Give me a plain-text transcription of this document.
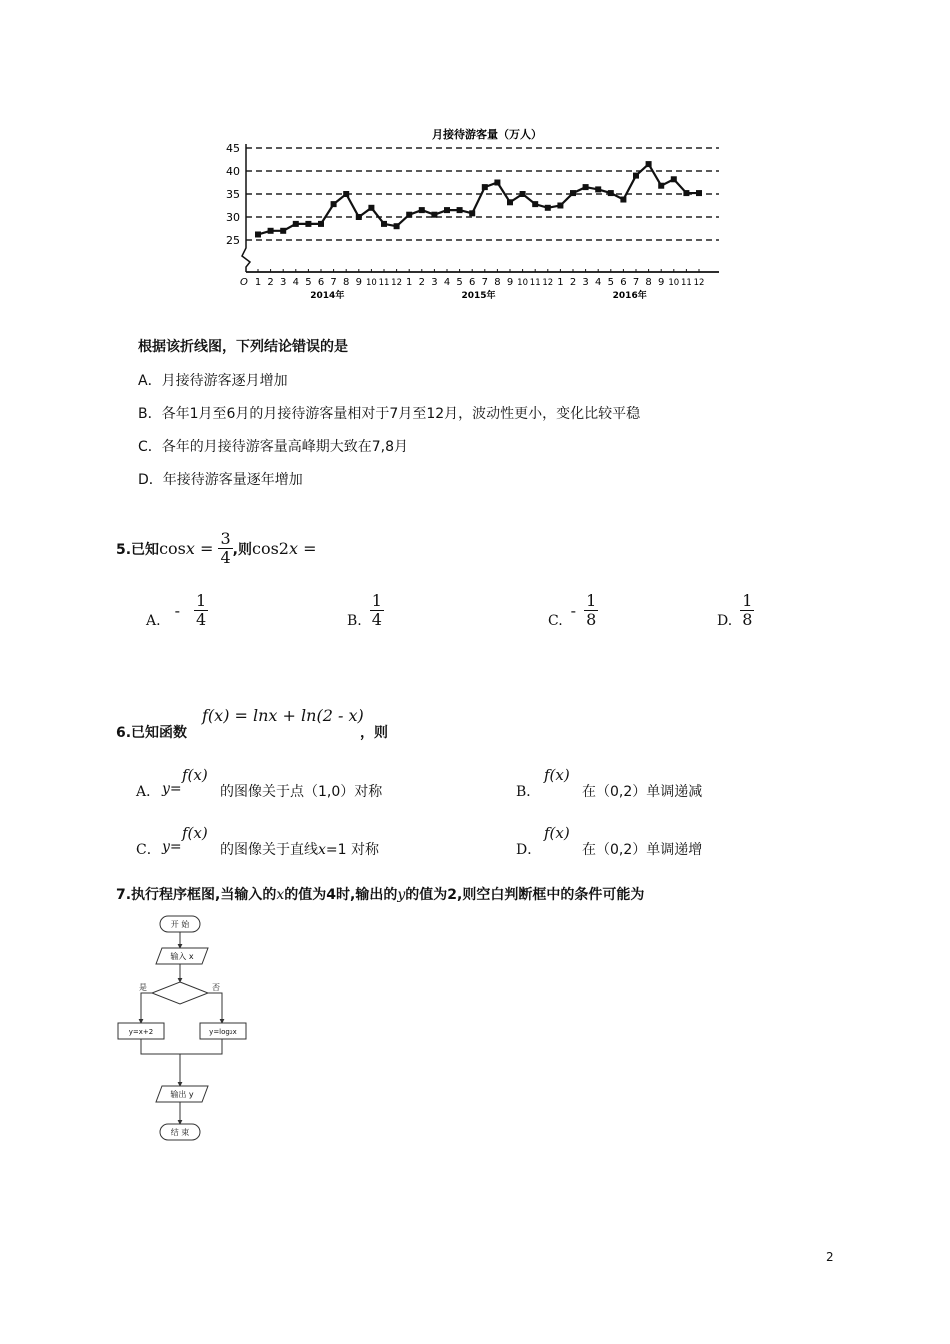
月接待游客量（万人）
25
30
35
40
45
1 2 3 4 5 6 7 8 9 10 11 12 1 2 3 4 5 6 7 8 9 10 11 12 1 2 3 4 5 6 7 8 9 10 11 12
2014年	2015年	2016年
O
根据该折线图，下列结论错误的是
A．月接待游客逐月增加
B．各年1月至6月的月接待游客量相对于7月至12月，波动性更小，变化比较平稳
C．各年的月接待游客量高峰期大致在7,8月
D．年接待游客量逐年增加
5.已知 $\cos x = \frac{3}{4}$ ,则 cos2 x =
A.
- $\frac{1}{4}$	B. $\frac{1}{4}$	C.
- $\frac{1}{8}$	D. $\frac{1}{8}$
6.已知函数
f(x) = lnx + ln(2 - x)
，则
A． y=
f(x)
的图像关于点（1,0）对称	B．
f(x)
在（0,2）单调递减
C． y=
f(x)
的图像关于直线x=1 对称	D．
f(x)
在（0,2）单调递增
7.执行程序框图,当输入的x的值为4时,输出的y的值为2,则空白判断框中的条件可能为
开 始
输入 x
是	否
y=x+2	y=log₂x
输出 y
结 束
2
